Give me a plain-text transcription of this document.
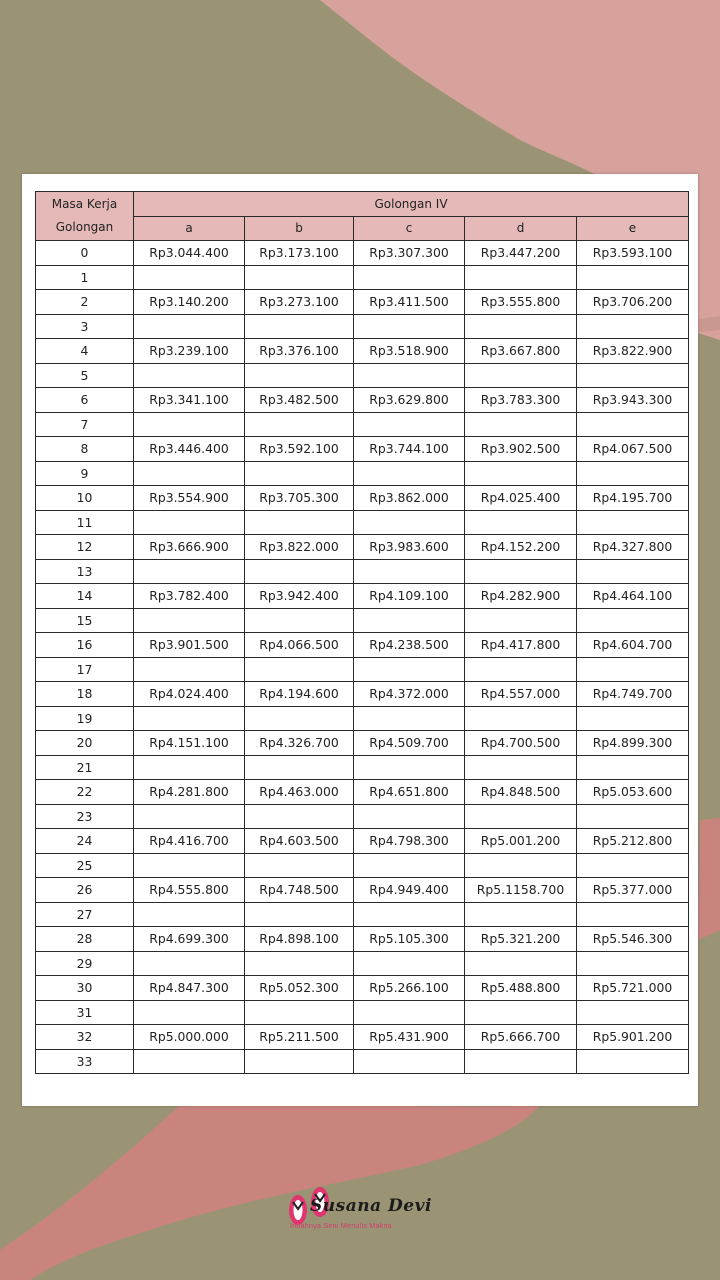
Masa Kerja
Golongan	Golongan IV				
	a	b	c	d	e
0	Rp3.044.400	Rp3.173.100	Rp3.307.300	Rp3.447.200	Rp3.593.100
1					
2	Rp3.140.200	Rp3.273.100	Rp3.411.500	Rp3.555.800	Rp3.706.200
3					
4	Rp3.239.100	Rp3.376.100	Rp3.518.900	Rp3.667.800	Rp3.822.900
5					
6	Rp3.341.100	Rp3.482.500	Rp3.629.800	Rp3.783.300	Rp3.943.300
7					
8	Rp3.446.400	Rp3.592.100	Rp3.744.100	Rp3.902.500	Rp4.067.500
9					
10	Rp3.554.900	Rp3.705.300	Rp3.862.000	Rp4.025.400	Rp4.195.700
11					
12	Rp3.666.900	Rp3.822.000	Rp3.983.600	Rp4.152.200	Rp4.327.800
13					
14	Rp3.782.400	Rp3.942.400	Rp4.109.100	Rp4.282.900	Rp4.464.100
15					
16	Rp3.901.500	Rp4.066.500	Rp4.238.500	Rp4.417.800	Rp4.604.700
17					
18	Rp4.024.400	Rp4.194.600	Rp4.372.000	Rp4.557.000	Rp4.749.700
19					
20	Rp4.151.100	Rp4.326.700	Rp4.509.700	Rp4.700.500	Rp4.899.300
21					
22	Rp4.281.800	Rp4.463.000	Rp4.651.800	Rp4.848.500	Rp5.053.600
23					
24	Rp4.416.700	Rp4.603.500	Rp4.798.300	Rp5.001.200	Rp5.212.800
25					
26	Rp4.555.800	Rp4.748.500	Rp4.949.400	Rp5.1158.700	Rp5.377.000
27					
28	Rp4.699.300	Rp4.898.100	Rp5.105.300	Rp5.321.200	Rp5.546.300
29					
30	Rp4.847.300	Rp5.052.300	Rp5.266.100	Rp5.488.800	Rp5.721.000
31					
32	Rp5.000.000	Rp5.211.500	Rp5.431.900	Rp5.666.700	Rp5.901.200
33					
Susana Devi
Indahnya Seni Menulis Makna
